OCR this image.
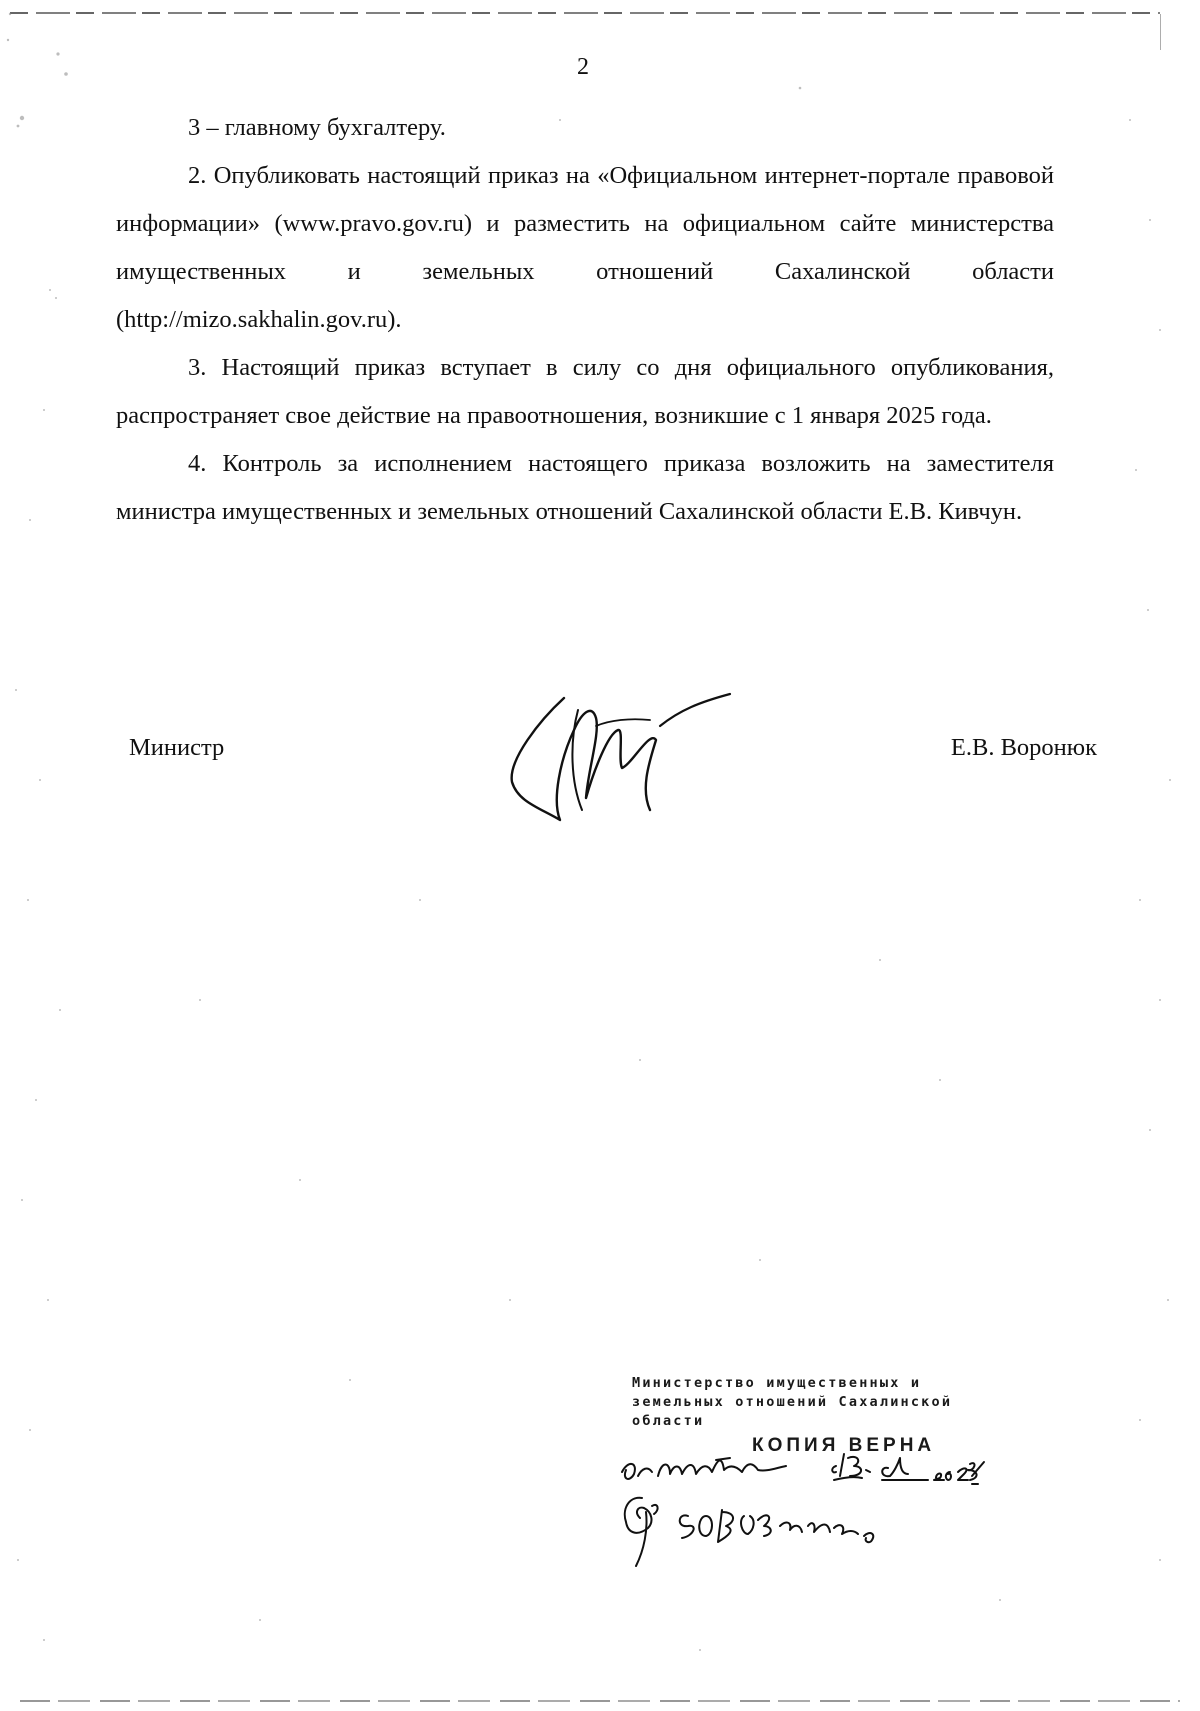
2

3 – главному бухгалтеру.

2. Опубликовать настоящий приказ на «Официальном интернет-портале правовой информации» (www.pravo.gov.ru) и разместить на официальном сайте министерства имущественных и земельных отношений Сахалинской области (http://mizo.sakhalin.gov.ru).

3. Настоящий приказ вступает в силу со дня официального опубликования, распространяет свое действие на правоотношения, возникшие с 1 января 2025 года.

4. Контроль за исполнением настоящего приказа возложить на заместителя министра имущественных и земельных отношений Сахалинской области Е.В. Кивчун.

Министр	Е.В. Воронюк

Министерство имущественных и земельных отношений Сахалинской области

КОПИЯ ВЕРНА
